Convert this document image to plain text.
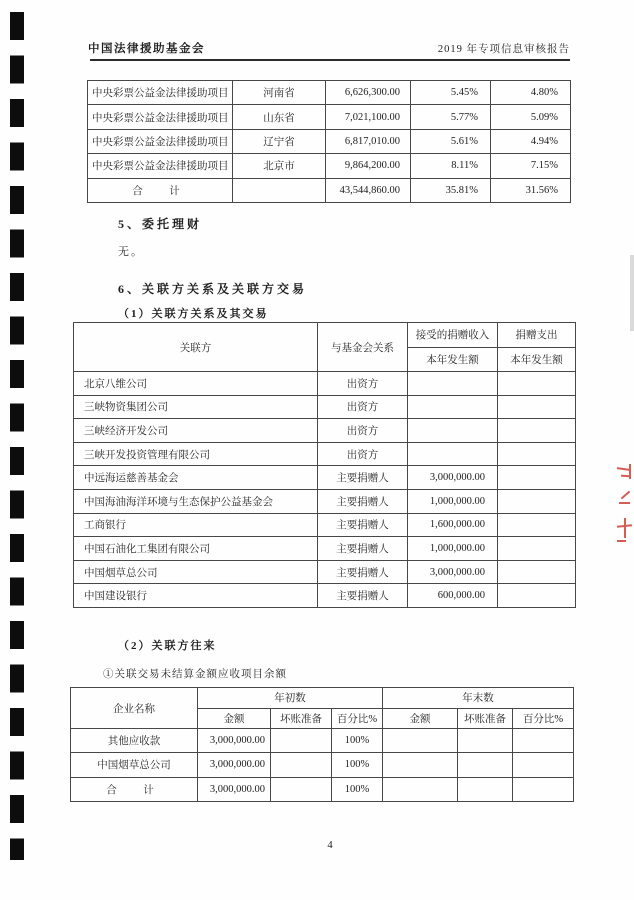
中国法律援助基金会	2019 年专项信息审核报告
中央彩票公益金法律援助项目	河南省	6,626,300.00	5.45%	4.80%
中央彩票公益金法律援助项目	山东省	7,021,100.00	5.77%	5.09%
中央彩票公益金法律援助项目	辽宁省	6,817,010.00	5.61%	4.94%
中央彩票公益金法律援助项目	北京市	9,864,200.00	8.11%	7.15%
合　计		43,544,860.00	35.81%	31.56%
5、委托理财
无。
6、关联方关系及关联方交易
（1）关联方关系及其交易
关联方	与基金会关系	接受的捐赠收入	捐赠支出
		本年发生额	本年发生额
北京八维公司	出资方		
三峡物资集团公司	出资方		
三峡经济开发公司	出资方		
三峡开发投资管理有限公司	出资方		
中远海运慈善基金会	主要捐赠人	3,000,000.00	
中国海油海洋环境与生态保护公益基金会	主要捐赠人	1,000,000.00	
工商银行	主要捐赠人	1,600,000.00	
中国石油化工集团有限公司	主要捐赠人	1,000,000.00	
中国烟草总公司	主要捐赠人	3,000,000.00	
中国建设银行	主要捐赠人	600,000.00	
（2）关联方往来
①关联交易未结算金额应收项目余额
企业名称	年初数			年末数		
	金额	坏账准备	百分比%	金额	坏账准备	百分比%
其他应收款	3,000,000.00		100%			
中国烟草总公司	3,000,000.00		100%			
合　计	3,000,000.00		100%			
4
